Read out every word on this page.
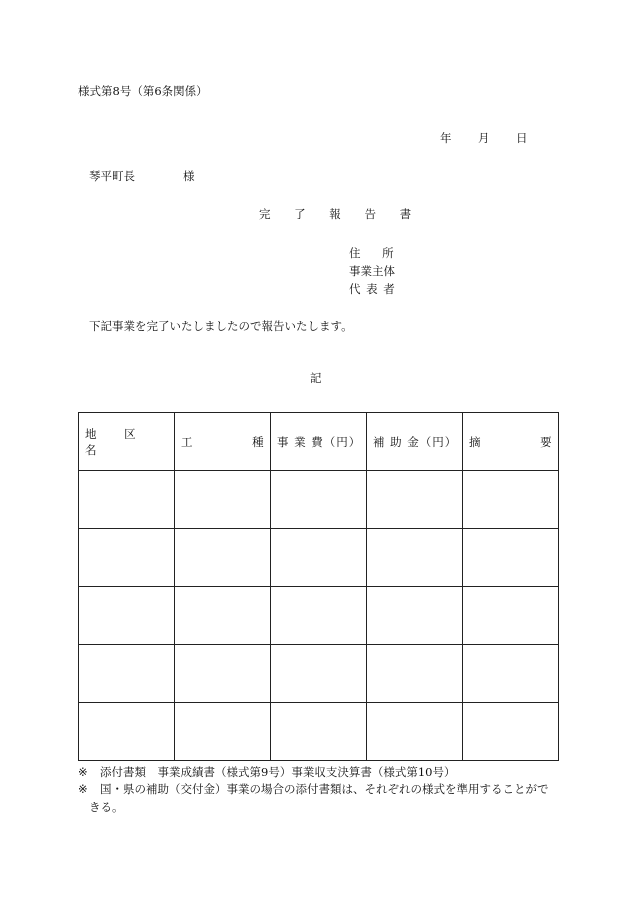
様式第8号（第6条関係）
年 月 日
琴平町長	様
完 了 報 告 書
住 所
事業主体
代 表 者
下記事業を完了いたしましたので報告いたします。
記
地 区 名	工 種	事 業 費（円）	補 助 金（円）	摘 要

※ 添付書類　事業成績書（様式第9号）事業収支決算書（様式第10号）
※ 国・県の補助（交付金）事業の場合の添付書類は、それぞれの様式を準用することがで
きる。
